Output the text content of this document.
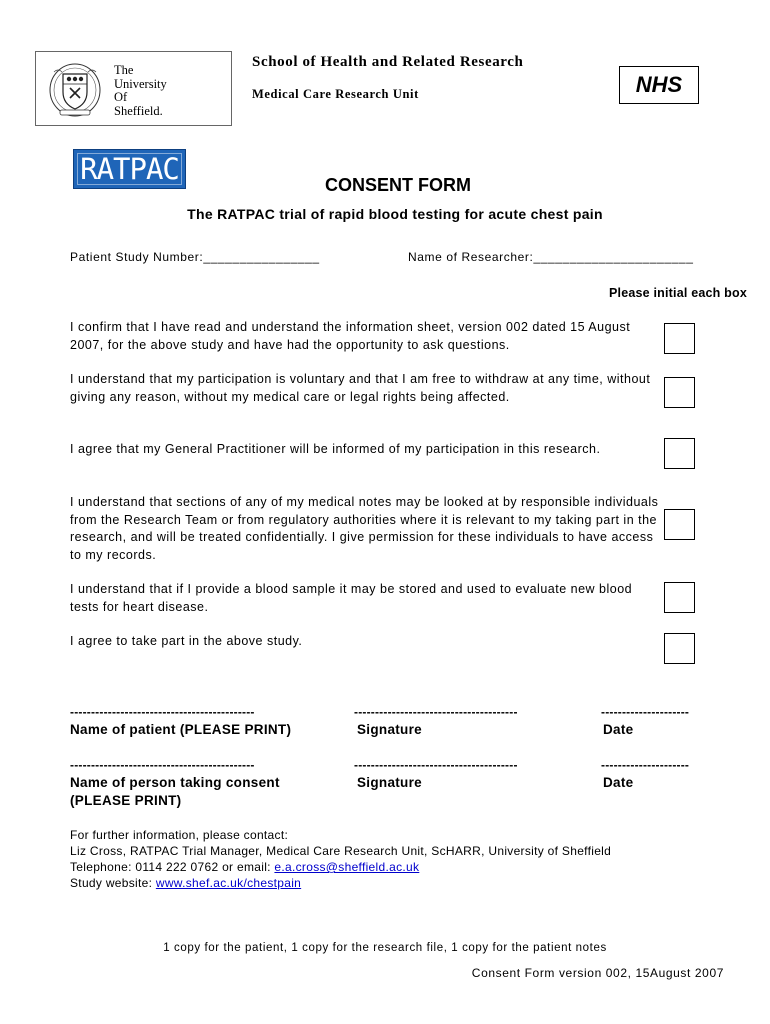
The
University
Of
Sheffield.
School of Health and Related Research
Medical Care Research Unit	NHS
RATPAC	CONSENT FORM
The RATPAC trial of rapid blood testing for acute chest pain
Patient Study Number:________________	Name of Researcher:______________________
Please initial each box
I confirm that I have read and understand the information sheet, version 002 dated 15 August 2007, for the above study and have had the opportunity to ask questions.
I understand that my participation is voluntary and that I am free to withdraw at any time, without giving any reason, without my medical care or legal rights being affected.
I agree that my General Practitioner will be informed of my participation in this research.
I understand that sections of any of my medical notes may be looked at by responsible individuals from the Research Team or from regulatory authorities where it is relevant to my taking part in the research, and will be treated confidentially. I give permission for these individuals to have access to my records.
I understand that if I provide a blood sample it may be stored and used to evaluate new blood tests for heart disease.
I agree to take part in the above study.
--------------------------------------------	---------------------------------------	---------------------
Name of patient (PLEASE PRINT)	Signature	Date
--------------------------------------------	---------------------------------------	---------------------
Name of person taking consent
(PLEASE PRINT)
Signature	Date
For further information, please contact:
Liz Cross, RATPAC Trial Manager, Medical Care Research Unit, ScHARR, University of Sheffield
Telephone: 0114 222 0762 or email: e.a.cross@sheffield.ac.uk
Study website: www.shef.ac.uk/chestpain
1 copy for the patient, 1 copy for the research file, 1 copy for the patient notes
Consent Form version 002, 15August 2007
